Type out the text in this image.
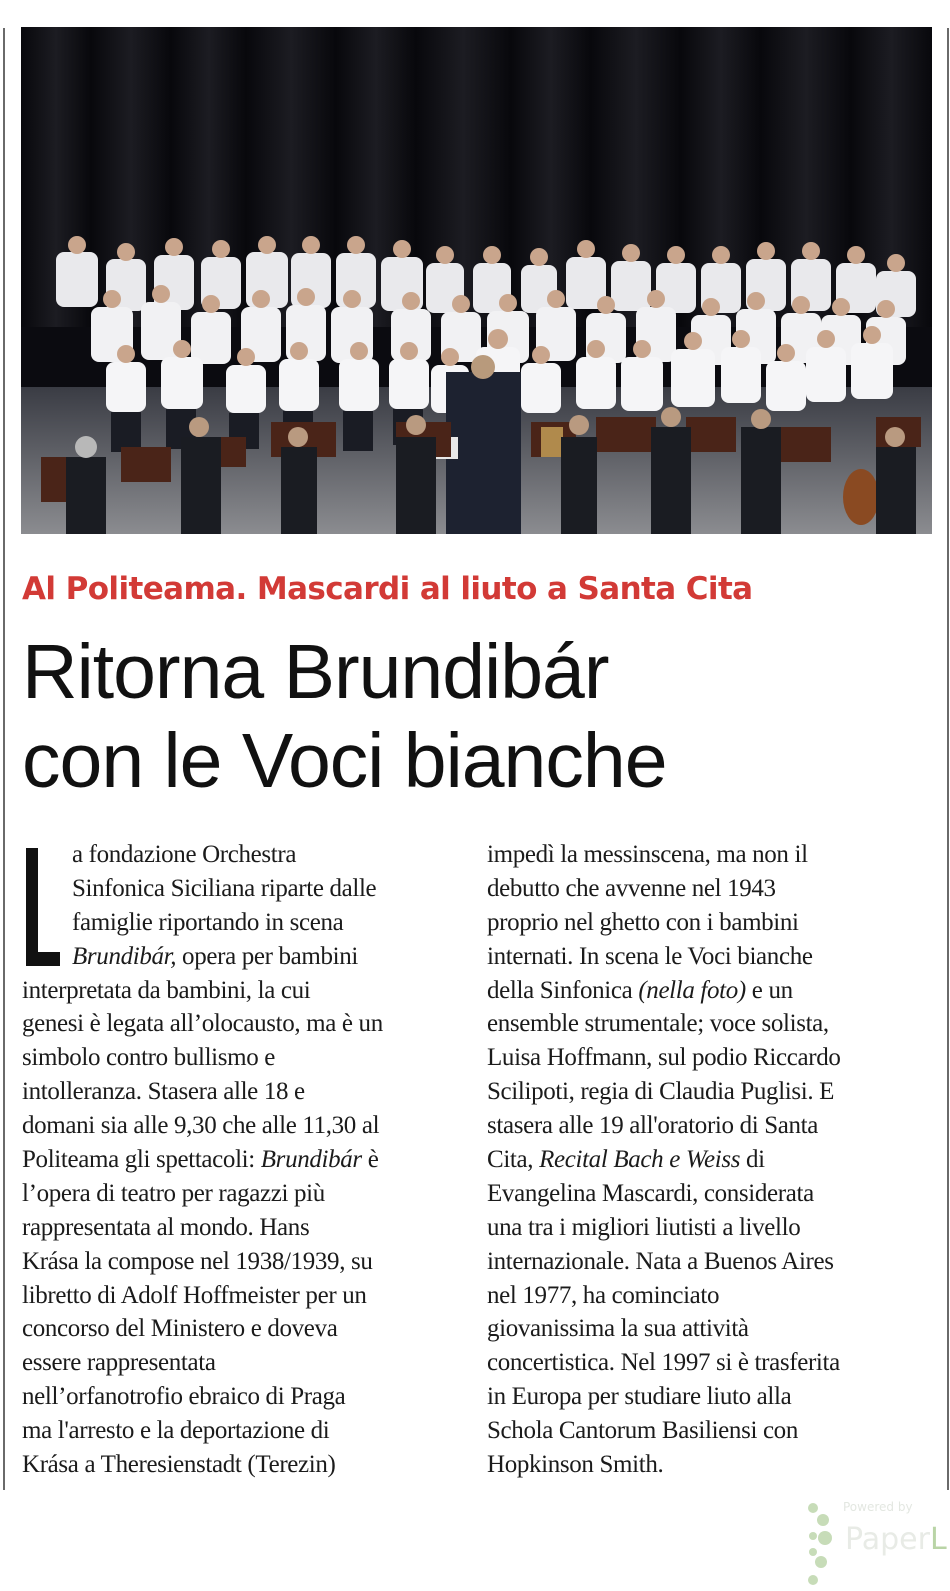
Al Politeama. Mascardi al liuto a Santa Cita
Ritorna Brundibár
con le Voci bianche
a fondazione Orchestra
Sinfonica Siciliana riparte dalle
famiglie riportando in scena
Brundibár, opera per bambini
interpretata da bambini, la cui
genesi è legata all’olocausto, ma è un
simbolo contro bullismo e
intolleranza. Stasera alle 18 e
domani sia alle 9,30 che alle 11,30 al
Politeama gli spettacoli: Brundibár è
l’opera di teatro per ragazzi più
rappresentata al mondo. Hans
Krása la compose nel 1938/1939, su
libretto di Adolf Hoffmeister per un
concorso del Ministero e doveva
essere rappresentata
nell’orfanotrofio ebraico di Praga
ma l'arresto e la deportazione di
Krása a Theresienstadt (Terezin)
impedì la messinscena, ma non il
debutto che avvenne nel 1943
proprio nel ghetto con i bambini
internati. In scena le Voci bianche
della Sinfonica (nella foto) e un
ensemble strumentale; voce solista,
Luisa Hoffmann, sul podio Riccardo
Scilipoti, regia di Claudia Puglisi. E
stasera alle 19 all'oratorio di Santa
Cita, Recital Bach e Weiss di
Evangelina Mascardi, considerata
una tra i migliori liutisti a livello
internazionale. Nata a Buenos Aires
nel 1977, ha cominciato
giovanissima la sua attività
concertistica. Nel 1997 si è trasferita
in Europa per studiare liuto alla
Schola Cantorum Basiliensi con
Hopkinson Smith.
Powered by
PaperL
